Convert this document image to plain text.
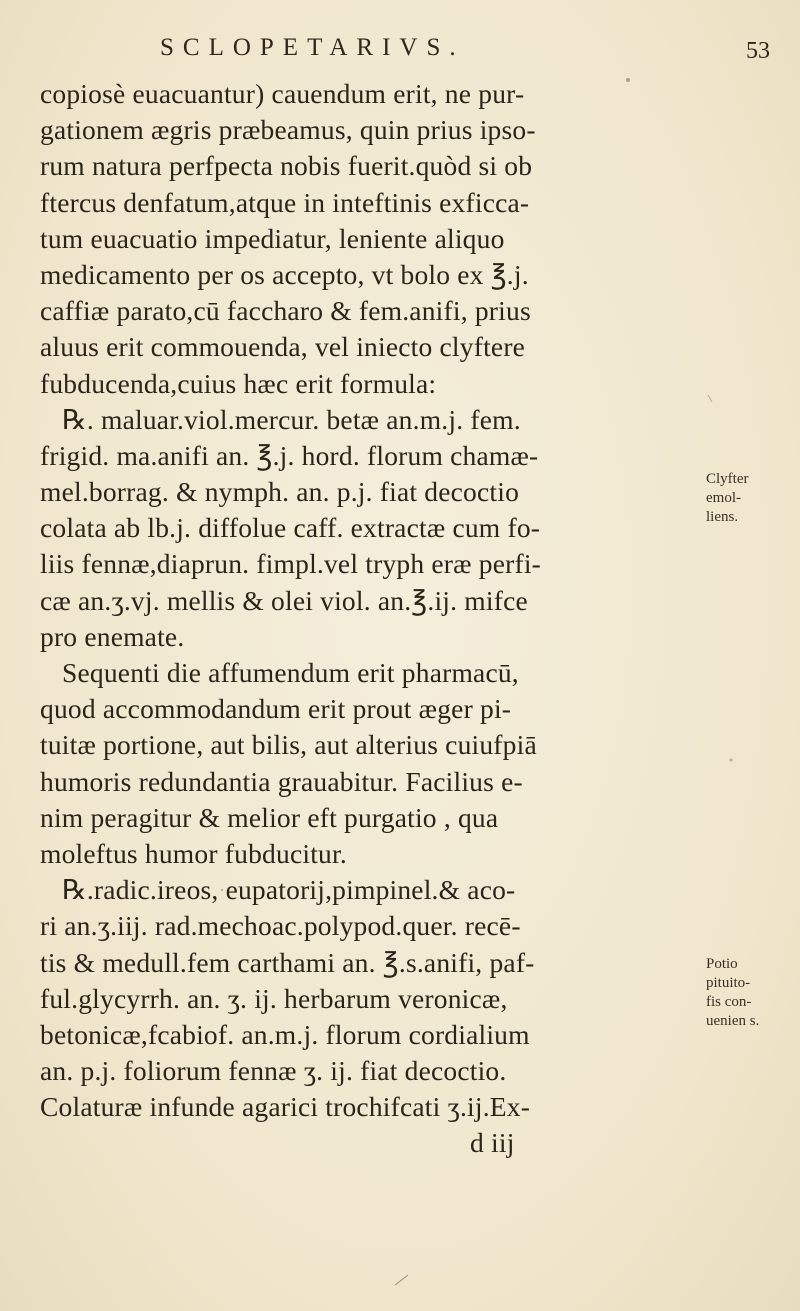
SCLOPETARIVS.	53
copiosè euacuantur) cauendum erit, ne pur-
gationem ægris præbeamus, quin prius ipso-
rum natura perfpecta nobis fuerit.quòd si ob
ftercus denfatum,atque in inteftinis exficca-
tum euacuatio impediatur, leniente aliquo
medicamento per os accepto, vt bolo ex ℥.j.
caffiæ parato,cū faccharo & fem.anifi, prius
aluus erit commouenda, vel iniecto clyftere
fubducenda,cuius hæc erit formula:
℞. maluar.viol.mercur. betæ an.m.j. fem.
frigid. ma.anifi an. ℥.j. hord. florum chamæ-
mel.borrag. & nymph. an. p.j. fiat decoctio
colata ab lb.j. diffolue caff. extractæ cum fo-
liis fennæ,diaprun. fimpl.vel tryph eræ perfi-
cæ an.ʒ.vj. mellis & olei viol. an.℥.ij. mifce
pro enemate.
Sequenti die affumendum erit pharmacū,
quod accommodandum erit prout æger pi-
tuitæ portione, aut bilis, aut alterius cuiufpiā
humoris redundantia grauabitur. Facilius e-
nim peragitur & melior eft purgatio , qua
moleftus humor fubducitur.
℞.radic.ireos, eupatorij,pimpinel.& aco-
ri an.ʒ.iij. rad.mechoac.polypod.quer. recē-
tis & medull.fem carthami an. ℥.s.anifi, paf-
ful.glycyrrh. an. ʒ. ij. herbarum veronicæ,
betonicæ,fcabiof. an.m.j. florum cordialium
an. p.j. foliorum fennæ ʒ. ij. fiat decoctio.
Colaturæ infunde agarici trochifcati ʒ.ij.Ex-
d iij
Clyfter
emol-
liens.
Potio
pituito-
fis con-
uenien s.
